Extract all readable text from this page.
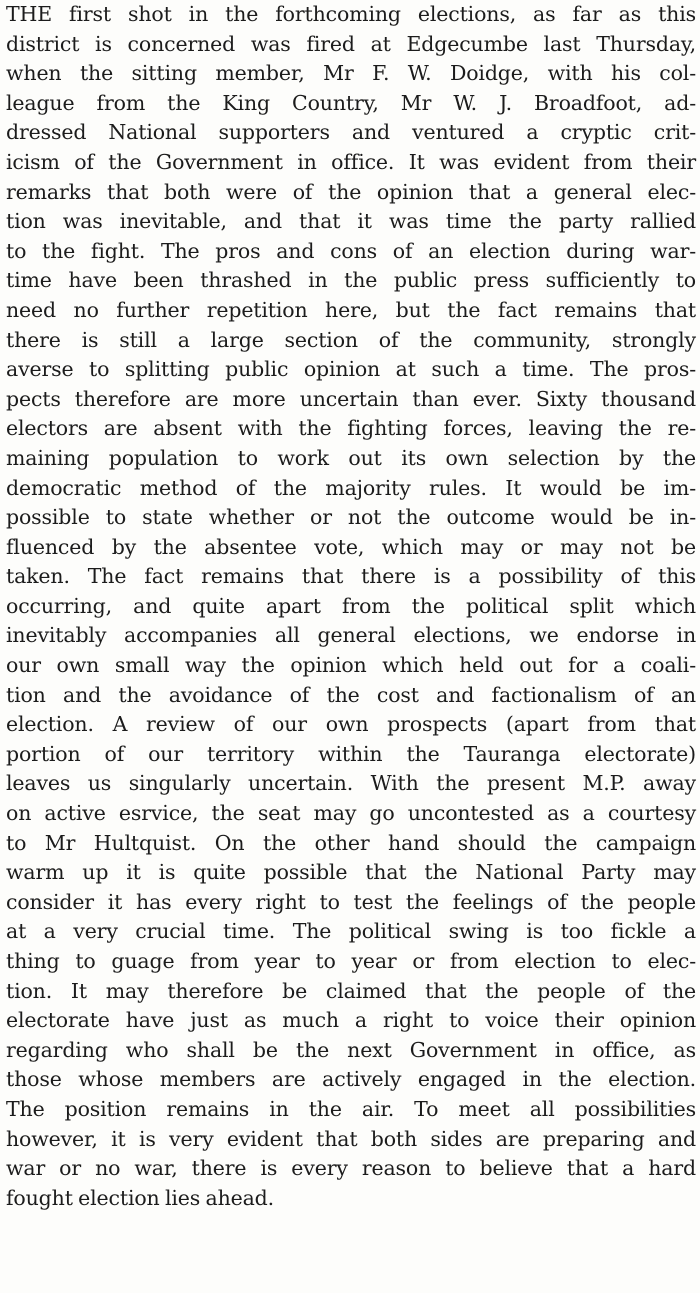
THE first shot in the forthcoming elections, as far as this
district is concerned was fired at Edgecumbe last Thursday,
when the sitting member, Mr F. W. Doidge, with his col-
league from the King Country, Mr W. J. Broadfoot, ad-
dressed National supporters and ventured a cryptic crit-
icism of the Government in office. It was evident from their
remarks that both were of the opinion that a general elec-
tion was inevitable, and that it was time the party rallied
to the fight. The pros and cons of an election during war-
time have been thrashed in the public press sufficiently to
need no further repetition here, but the fact remains that
there is still a large section of the community, strongly
averse to splitting public opinion at such a time. The pros-
pects therefore are more uncertain than ever. Sixty thousand
electors are absent with the fighting forces, leaving the re-
maining population to work out its own selection by the
democratic method of the majority rules. It would be im-
possible to state whether or not the outcome would be in-
fluenced by the absentee vote, which may or may not be
taken. The fact remains that there is a possibility of this
occurring, and quite apart from the political split which
inevitably accompanies all general elections, we endorse in
our own small way the opinion which held out for a coali-
tion and the avoidance of the cost and factionalism of an
election. A review of our own prospects (apart from that
portion of our territory within the Tauranga electorate)
leaves us singularly uncertain. With the present M.P. away
on active esrvice, the seat may go uncontested as a courtesy
to Mr Hultquist. On the other hand should the campaign
warm up it is quite possible that the National Party may
consider it has every right to test the feelings of the people
at a very crucial time. The political swing is too fickle a
thing to guage from year to year or from election to elec-
tion. It may therefore be claimed that the people of the
electorate have just as much a right to voice their opinion
regarding who shall be the next Government in office, as
those whose members are actively engaged in the election.
The position remains in the air. To meet all possibilities
however, it is very evident that both sides are preparing and
war or no war, there is every reason to believe that a hard
fought election lies ahead.
